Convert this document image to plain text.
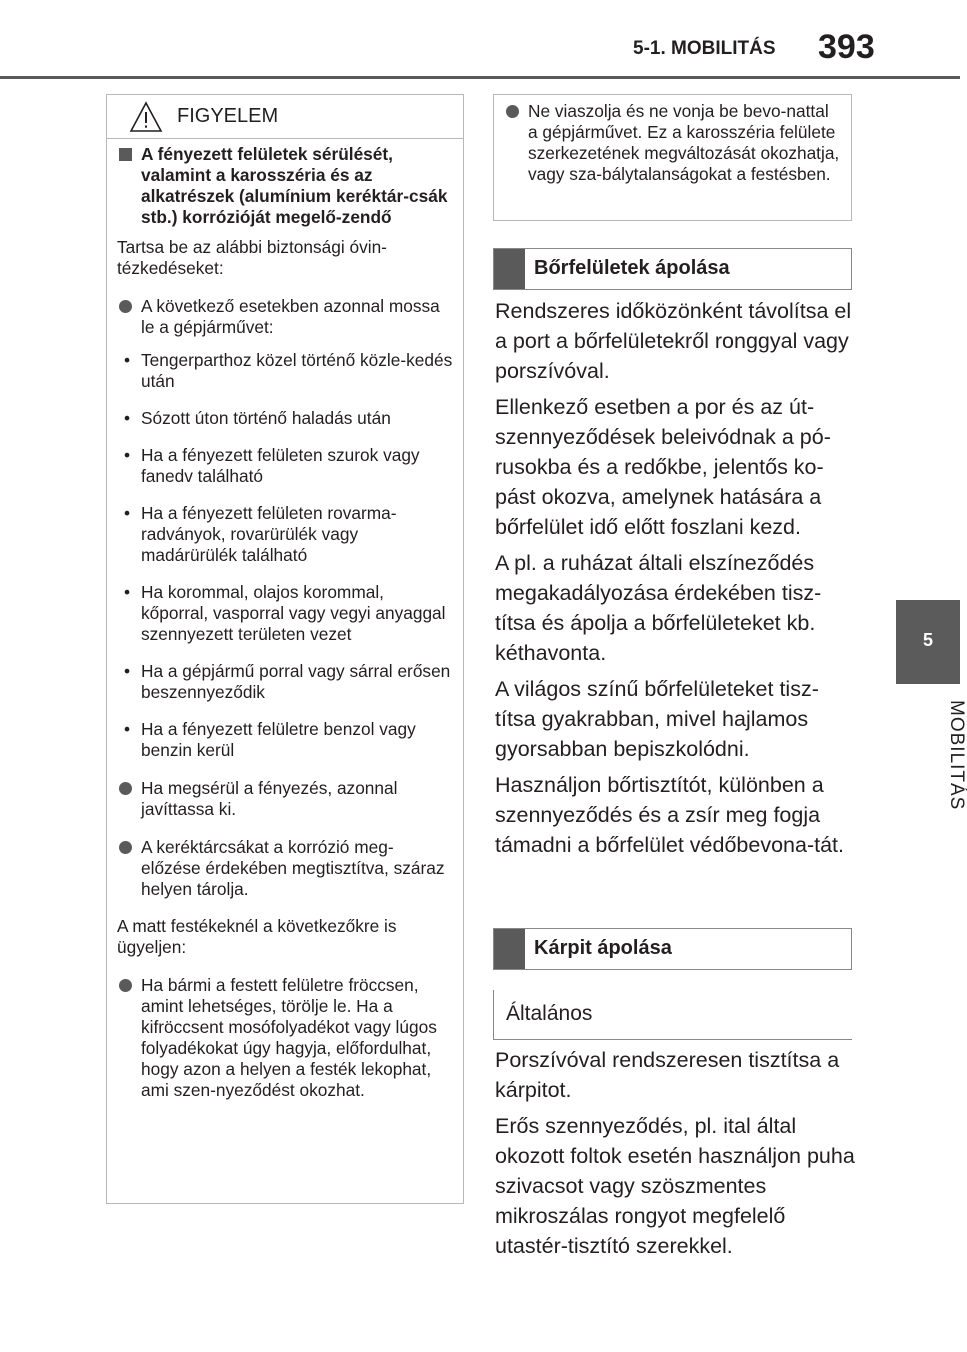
5-1. MOBILITÁS 393
5
MOBILITÁS
FIGYELEM
A fényezett felületek sérülését, valamint a karosszéria és az alkatrészek (alumínium keréktár-csák stb.) korrózióját megelő-zendő

Tartsa be az alábbi biztonsági óvin-tézkedéseket:

A következő esetekben azonnal mossa le a gépjárművet:
• Tengerparthoz közel történő közle-kedés után
• Sózott úton történő haladás után
• Ha a fényezett felületen szurok vagy fanedv található
• Ha a fényezett felületen rovarma-radványok, rovarürülék vagy madárürülék található
• Ha korommal, olajos korommal, kőporral, vasporral vagy vegyi anyaggal szennyezett területen vezet
• Ha a gépjármű porral vagy sárral erősen beszennyeződik
• Ha a fényezett felületre benzol vagy benzin kerül
Ha megsérül a fényezés, azonnal javíttassa ki.
A keréktárcsákat a korrózió meg-előzése érdekében megtisztítva, száraz helyen tárolja.

A matt festékeknél a következőkre is ügyeljen:

Ha bármi a festett felületre fröccsen, amint lehetséges, törölje le. Ha a kifröccsent mosófolyadékot vagy lúgos folyadékokat úgy hagyja, előfordulhat, hogy azon a helyen a festék lekophat, ami szen-nyeződést okozhat.
Ne viaszolja és ne vonja be bevo-nattal a gépjárművet. Ez a karosszéria felülete szerkezetének megváltozását okozhatja, vagy sza-bálytalanságokat a festésben.
Bőrfelületek ápolása

Rendszeres időközönként távolítsa el a port a bőrfelületekről ronggyal vagy porszívóval.

Ellenkező esetben a por és az út-szennyeződések beleivódnak a pó-rusokba és a redőkbe, jelentős ko-pást okozva, amelynek hatására a bőrfelület idő előtt foszlani kezd.

A pl. a ruházat általi elszíneződés megakadályozása érdekében tisz-títsa és ápolja a bőrfelületeket kb. kéthavonta.

A világos színű bőrfelületeket tisz-títsa gyakrabban, mivel hajlamos gyorsabban bepiszkolódni.

Használjon bőrtisztítót, különben a szennyeződés és a zsír meg fogja támadni a bőrfelület védőbevona-tát.

Kárpit ápolása
Általános

Porszívóval rendszeresen tisztítsa a kárpitot.

Erős szennyeződés, pl. ital által okozott foltok esetén használjon puha szivacsot vagy szöszmentes mikroszálas rongyot megfelelő utastér-tisztító szerekkel.
